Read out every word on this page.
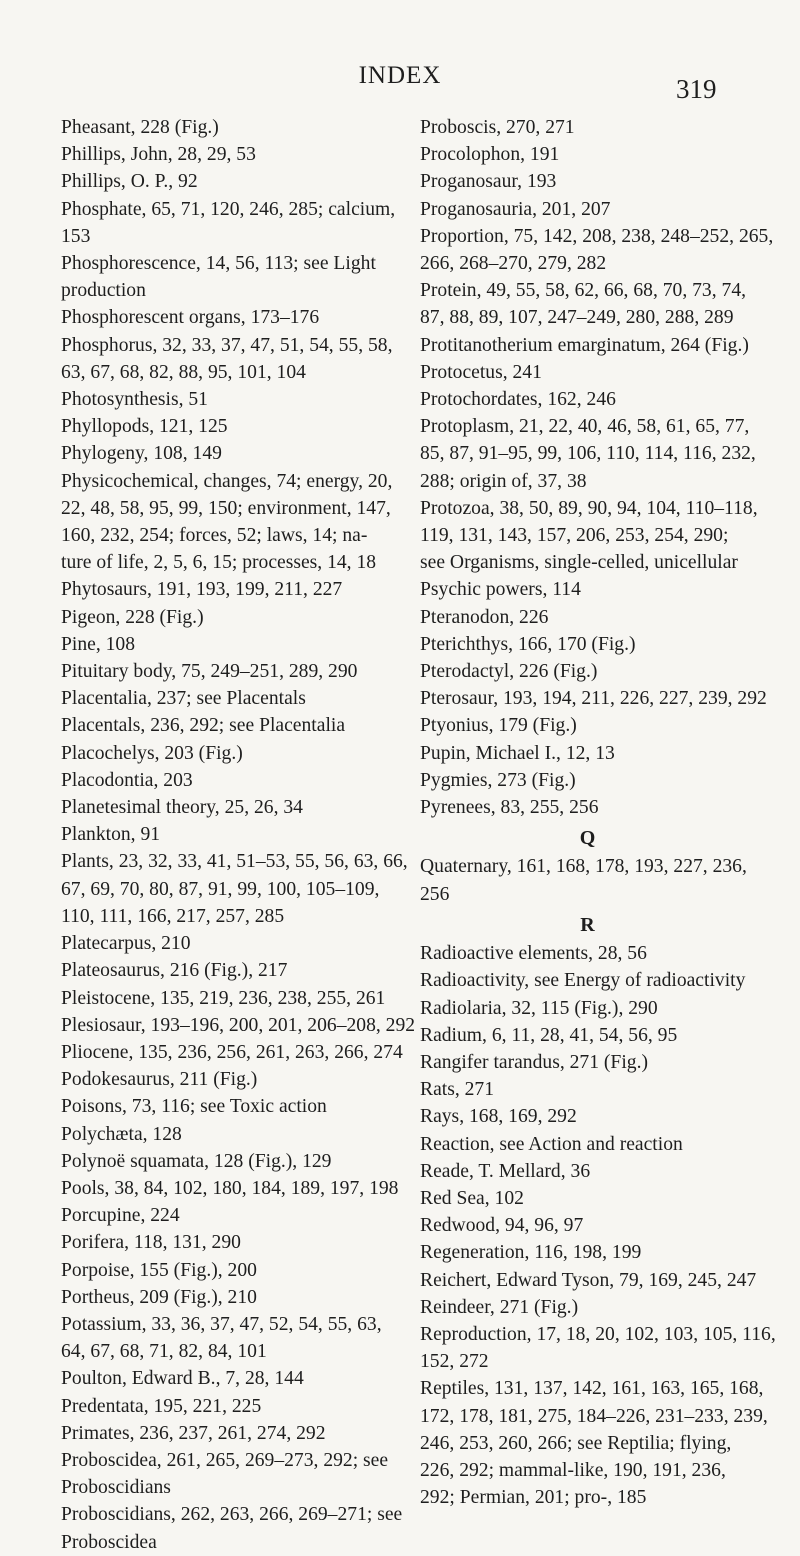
INDEX	319
Pheasant, 228 (Fig.)
Phillips, John, 28, 29, 53
Phillips, O. P., 92
Phosphate, 65, 71, 120, 246, 285; calcium,
153
Phosphorescence, 14, 56, 113; see Light
production
Phosphorescent organs, 173–176
Phosphorus, 32, 33, 37, 47, 51, 54, 55, 58,
63, 67, 68, 82, 88, 95, 101, 104
Photosynthesis, 51
Phyllopods, 121, 125
Phylogeny, 108, 149
Physicochemical, changes, 74; energy, 20,
22, 48, 58, 95, 99, 150; environment, 147,
160, 232, 254; forces, 52; laws, 14; na-
ture of life, 2, 5, 6, 15; processes, 14, 18
Phytosaurs, 191, 193, 199, 211, 227
Pigeon, 228 (Fig.)
Pine, 108
Pituitary body, 75, 249–251, 289, 290
Placentalia, 237; see Placentals
Placentals, 236, 292; see Placentalia
Placochelys, 203 (Fig.)
Placodontia, 203
Planetesimal theory, 25, 26, 34
Plankton, 91
Plants, 23, 32, 33, 41, 51–53, 55, 56, 63, 66,
67, 69, 70, 80, 87, 91, 99, 100, 105–109,
110, 111, 166, 217, 257, 285
Platecarpus, 210
Plateosaurus, 216 (Fig.), 217
Pleistocene, 135, 219, 236, 238, 255, 261
Plesiosaur, 193–196, 200, 201, 206–208, 292
Pliocene, 135, 236, 256, 261, 263, 266, 274
Podokesaurus, 211 (Fig.)
Poisons, 73, 116; see Toxic action
Polychæta, 128
Polynoë squamata, 128 (Fig.), 129
Pools, 38, 84, 102, 180, 184, 189, 197, 198
Porcupine, 224
Porifera, 118, 131, 290
Porpoise, 155 (Fig.), 200
Portheus, 209 (Fig.), 210
Potassium, 33, 36, 37, 47, 52, 54, 55, 63,
64, 67, 68, 71, 82, 84, 101
Poulton, Edward B., 7, 28, 144
Predentata, 195, 221, 225
Primates, 236, 237, 261, 274, 292
Proboscidea, 261, 265, 269–273, 292; see
Proboscidians
Proboscidians, 262, 263, 266, 269–271; see
Proboscidea
Proboscis, 270, 271
Procolophon, 191
Proganosaur, 193
Proganosauria, 201, 207
Proportion, 75, 142, 208, 238, 248–252, 265,
266, 268–270, 279, 282
Protein, 49, 55, 58, 62, 66, 68, 70, 73, 74,
87, 88, 89, 107, 247–249, 280, 288, 289
Protitanotherium emarginatum, 264 (Fig.)
Protocetus, 241
Protochordates, 162, 246
Protoplasm, 21, 22, 40, 46, 58, 61, 65, 77,
85, 87, 91–95, 99, 106, 110, 114, 116, 232,
288; origin of, 37, 38
Protozoa, 38, 50, 89, 90, 94, 104, 110–118,
119, 131, 143, 157, 206, 253, 254, 290;
see Organisms, single-celled, unicellular
Psychic powers, 114
Pteranodon, 226
Pterichthys, 166, 170 (Fig.)
Pterodactyl, 226 (Fig.)
Pterosaur, 193, 194, 211, 226, 227, 239, 292
Ptyonius, 179 (Fig.)
Pupin, Michael I., 12, 13
Pygmies, 273 (Fig.)
Pyrenees, 83, 255, 256
Q
Quaternary, 161, 168, 178, 193, 227, 236,
256
R
Radioactive elements, 28, 56
Radioactivity, see Energy of radioactivity
Radiolaria, 32, 115 (Fig.), 290
Radium, 6, 11, 28, 41, 54, 56, 95
Rangifer tarandus, 271 (Fig.)
Rats, 271
Rays, 168, 169, 292
Reaction, see Action and reaction
Reade, T. Mellard, 36
Red Sea, 102
Redwood, 94, 96, 97
Regeneration, 116, 198, 199
Reichert, Edward Tyson, 79, 169, 245, 247
Reindeer, 271 (Fig.)
Reproduction, 17, 18, 20, 102, 103, 105, 116,
152, 272
Reptiles, 131, 137, 142, 161, 163, 165, 168,
172, 178, 181, 275, 184–226, 231–233, 239,
246, 253, 260, 266; see Reptilia; flying,
226, 292; mammal-like, 190, 191, 236,
292; Permian, 201; pro-, 185
